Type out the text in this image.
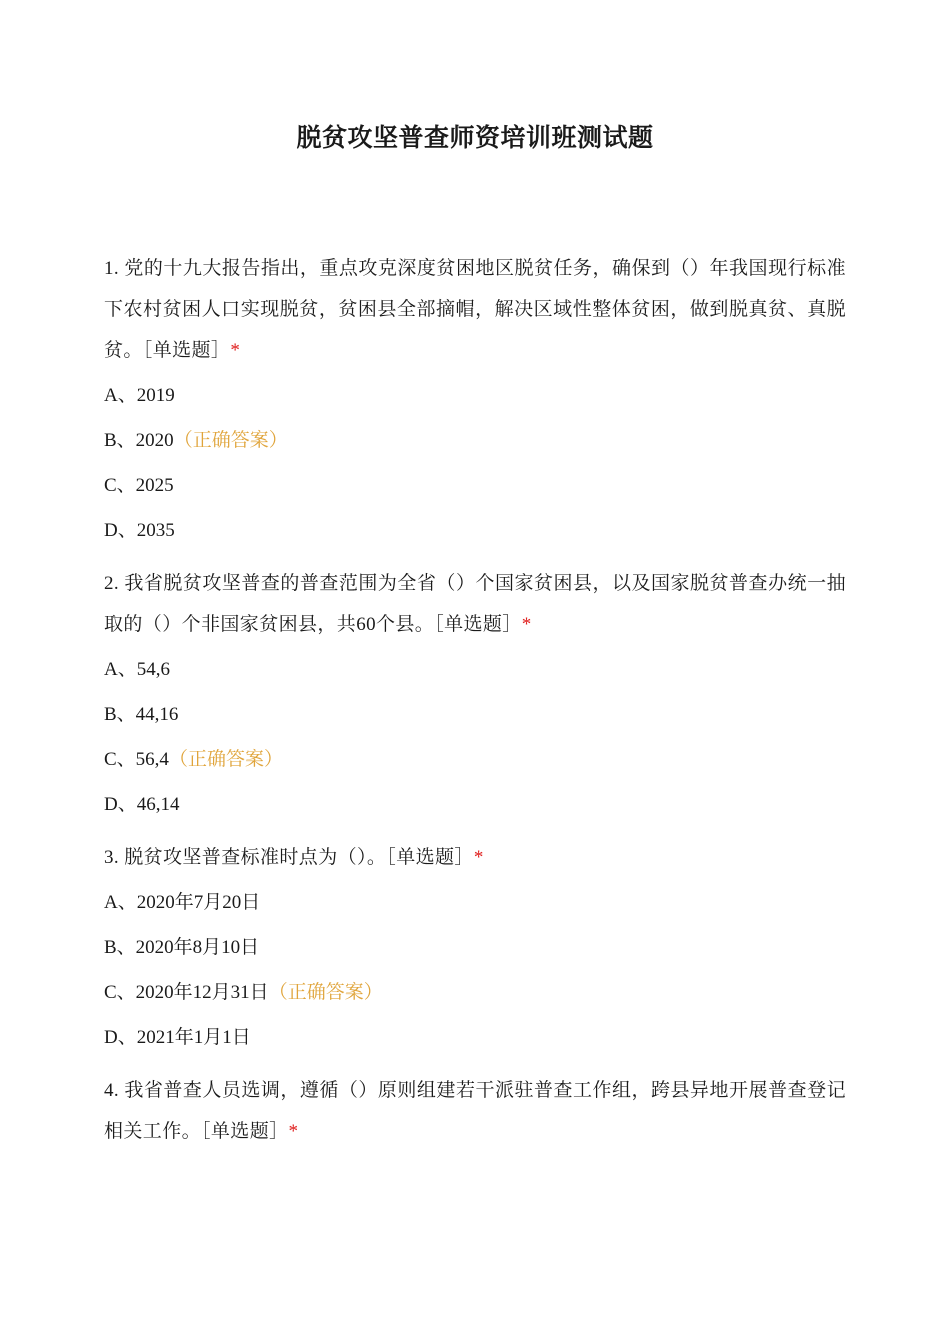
脱贫攻坚普查师资培训班测试题
1. 党的十九大报告指出，重点攻克深度贫困地区脱贫任务，确保到（）年我国现行标准下农村贫困人口实现脱贫，贫困县全部摘帽，解决区域性整体贫困，做到脱真贫、真脱贫。［单选题］*
A、2019
B、2020（正确答案）
C、2025
D、2035
2. 我省脱贫攻坚普查的普查范围为全省（）个国家贫困县，以及国家脱贫普查办统一抽取的（）个非国家贫困县，共60个县。［单选题］*
A、54,6
B、44,16
C、56,4（正确答案）
D、46,14
3. 脱贫攻坚普查标准时点为（）。［单选题］*
A、2020年7月20日
B、2020年8月10日
C、2020年12月31日（正确答案）
D、2021年1月1日
4. 我省普查人员选调，遵循（）原则组建若干派驻普查工作组，跨县异地开展普查登记相关工作。［单选题］*
